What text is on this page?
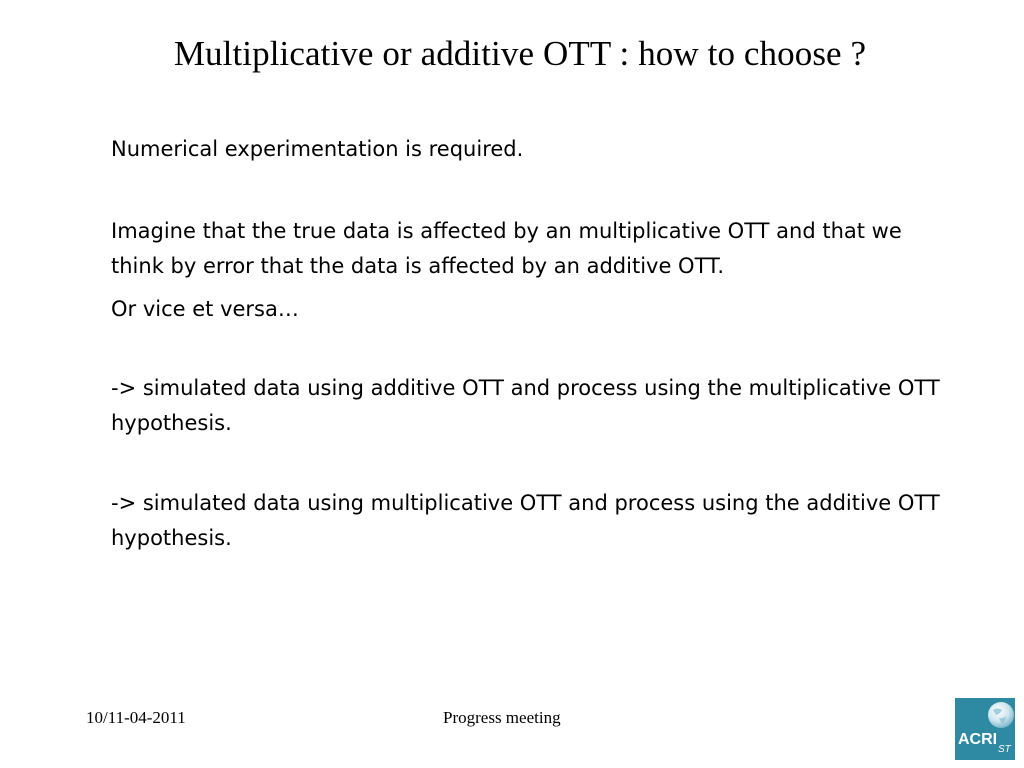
Multiplicative or additive OTT : how to choose ?

Numerical experimentation is required.

Imagine that the true data is affected by an multiplicative OTT and that we think by error that the data is affected by an additive OTT.

Or vice et versa…

-> simulated data using additive OTT and process using the multiplicative OTT hypothesis.

-> simulated data using multiplicative OTT and process using the additive OTT hypothesis.

10/11-04-2011	Progress meeting
ACRI
ST
